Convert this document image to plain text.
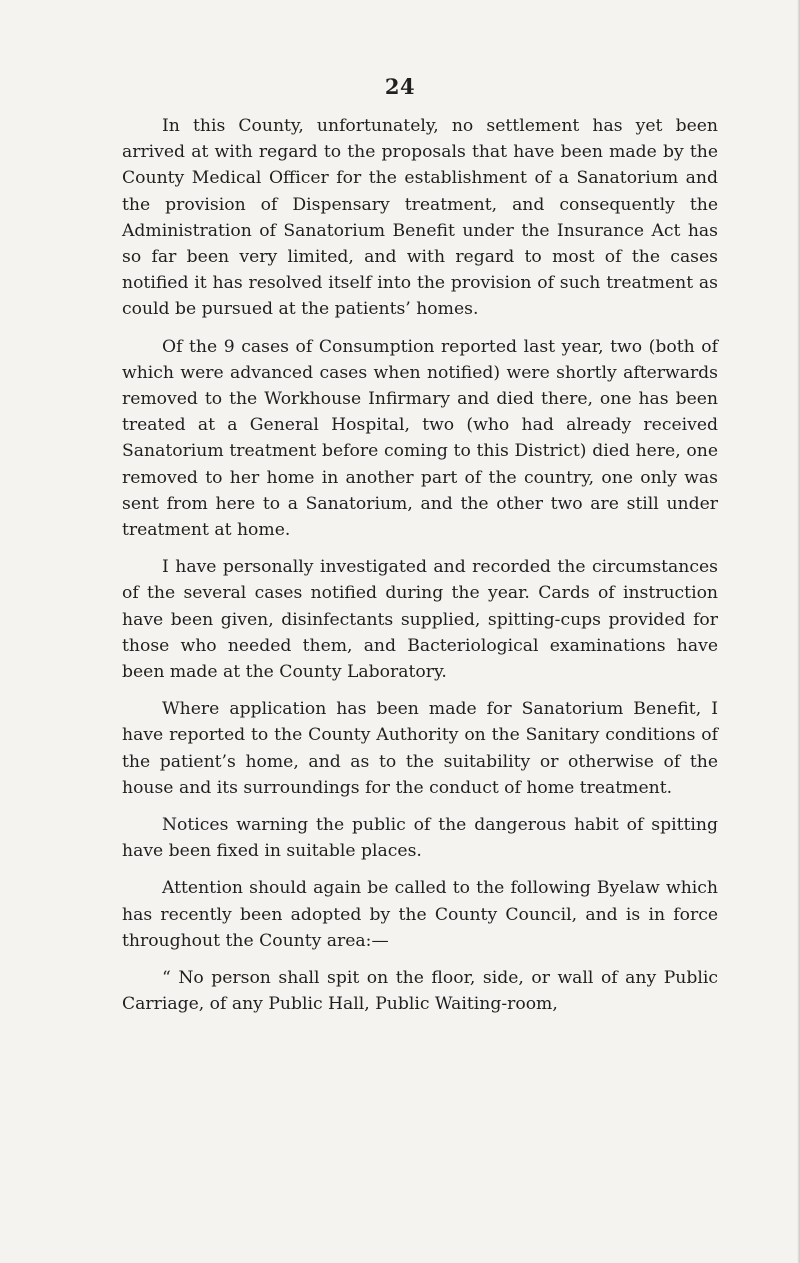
24

In this County, unfortunately, no settlement has yet been arrived at with regard to the proposals that have been made by the County Medical Officer for the establishment of a Sanatorium and the provision of Dispensary treatment, and consequently the Administration of Sanatorium Benefit under the Insurance Act has so far been very limited, and with regard to most of the cases notified it has resolved itself into the provision of such treatment as could be pursued at the patients’ homes.

Of the 9 cases of Consumption reported last year, two (both of which were advanced cases when notified) were shortly afterwards removed to the Workhouse Infirmary and died there, one has been treated at a General Hospital, two (who had already received Sanatorium treatment before coming to this District) died here, one removed to her home in another part of the country, one only was sent from here to a Sanatorium, and the other two are still under treatment at home.

I have personally investigated and recorded the circumstances of the several cases notified during the year. Cards of instruction have been given, disinfectants supplied, spitting-cups provided for those who needed them, and Bacteriological examinations have been made at the County Laboratory.

Where application has been made for Sanatorium Benefit, I have reported to the County Authority on the Sanitary conditions of the patient’s home, and as to the suitability or otherwise of the house and its surroundings for the conduct of home treatment.

Notices warning the public of the dangerous habit of spitting have been fixed in suitable places.

Attention should again be called to the following Byelaw which has recently been adopted by the County Council, and is in force throughout the County area:—

“ No person shall spit on the floor, side, or wall of any Public Carriage, of any Public Hall, Public Waiting-room,
